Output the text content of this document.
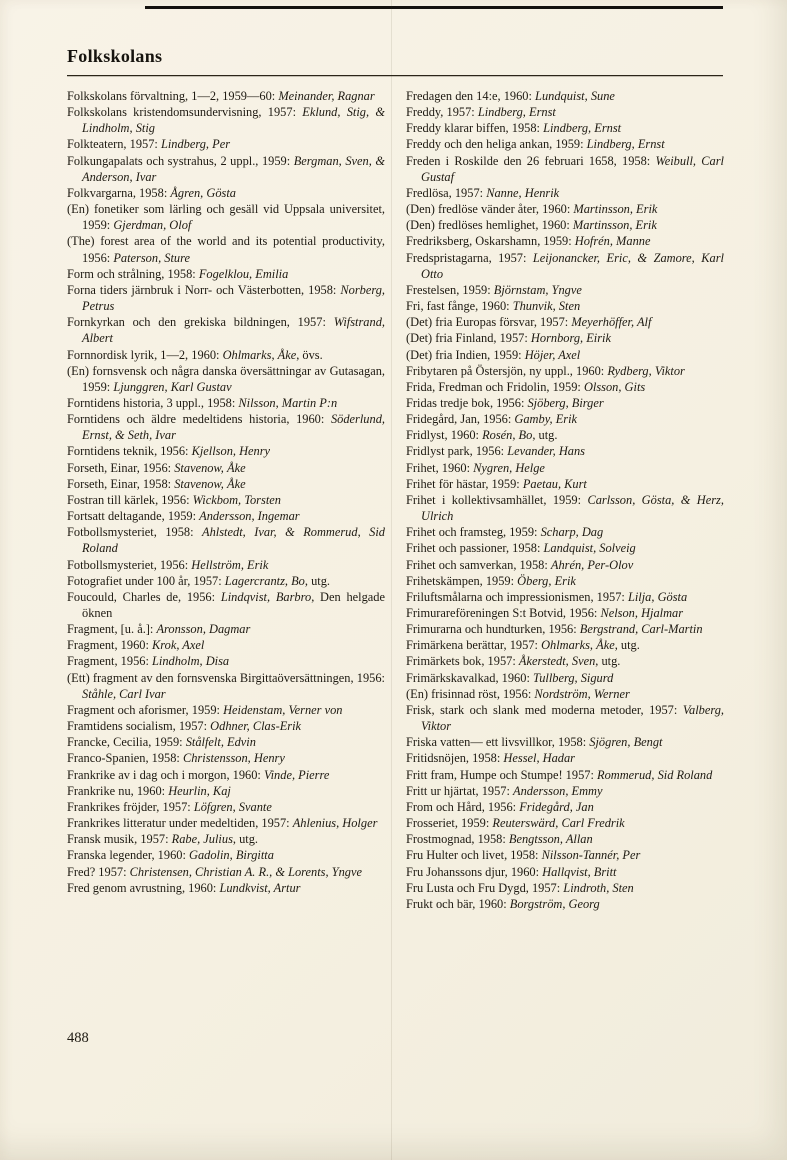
Folkskolans

Folkskolans förvaltning, 1—2, 1959—60: Meinander, Ragnar

Folkskolans kristendomsundervisning, 1957: Eklund, Stig, & Lindholm, Stig

Folkteatern, 1957: Lindberg, Per

Folkungapalats och systrahus, 2 uppl., 1959: Bergman, Sven, & Anderson, Ivar

Folkvargarna, 1958: Ågren, Gösta

(En) fonetiker som lärling och gesäll vid Uppsala universitet, 1959: Gjerdman, Olof

(The) forest area of the world and its potential productivity, 1956: Paterson, Sture

Form och strålning, 1958: Fogelklou, Emilia

Forna tiders järnbruk i Norr- och Västerbotten, 1958: Norberg, Petrus

Fornkyrkan och den grekiska bildningen, 1957: Wifstrand, Albert

Fornnordisk lyrik, 1—2, 1960: Ohlmarks, Åke, övs.

(En) fornsvensk och några danska översättningar av Gutasagan, 1959: Ljunggren, Karl Gustav

Forntidens historia, 3 uppl., 1958: Nilsson, Martin P:n

Forntidens och äldre medeltidens historia, 1960: Söderlund, Ernst, & Seth, Ivar

Forntidens teknik, 1956: Kjellson, Henry

Forseth, Einar, 1956: Stavenow, Åke

Forseth, Einar, 1958: Stavenow, Åke

Fostran till kärlek, 1956: Wickbom, Torsten

Fortsatt deltagande, 1959: Andersson, Ingemar

Fotbollsmysteriet, 1958: Ahlstedt, Ivar, & Rommerud, Sid Roland

Fotbollsmysteriet, 1956: Hellström, Erik

Fotografiet under 100 år, 1957: Lagercrantz, Bo, utg.

Foucould, Charles de, 1956: Lindqvist, Barbro, Den helgade öknen

Fragment, [u. å.]: Aronsson, Dagmar

Fragment, 1960: Krok, Axel

Fragment, 1956: Lindholm, Disa

(Ett) fragment av den fornsvenska Birgittaöversättningen, 1956: Ståhle, Carl Ivar

Fragment och aforismer, 1959: Heidenstam, Verner von

Framtidens socialism, 1957: Odhner, Clas-Erik

Francke, Cecilia, 1959: Stålfelt, Edvin

Franco-Spanien, 1958: Christensson, Henry

Frankrike av i dag och i morgon, 1960: Vinde, Pierre

Frankrike nu, 1960: Heurlin, Kaj

Frankrikes fröjder, 1957: Löfgren, Svante

Frankrikes litteratur under medeltiden, 1957: Ahlenius, Holger

Fransk musik, 1957: Rabe, Julius, utg.

Franska legender, 1960: Gadolin, Birgitta

Fred? 1957: Christensen, Christian A. R., & Lorents, Yngve

Fred genom avrustning, 1960: Lundkvist, Artur

Fredagen den 14:e, 1960: Lundquist, Sune

Freddy, 1957: Lindberg, Ernst

Freddy klarar biffen, 1958: Lindberg, Ernst

Freddy och den heliga ankan, 1959: Lindberg, Ernst

Freden i Roskilde den 26 februari 1658, 1958: Weibull, Carl Gustaf

Fredlösa, 1957: Nanne, Henrik

(Den) fredlöse vänder åter, 1960: Martinsson, Erik

(Den) fredlöses hemlighet, 1960: Martinsson, Erik

Fredriksberg, Oskarshamn, 1959: Hofrén, Manne

Fredspristagarna, 1957: Leijonancker, Eric, & Zamore, Karl Otto

Frestelsen, 1959: Björnstam, Yngve

Fri, fast fånge, 1960: Thunvik, Sten

(Det) fria Europas försvar, 1957: Meyerhöffer, Alf

(Det) fria Finland, 1957: Hornborg, Eirik

(Det) fria Indien, 1959: Höjer, Axel

Fribytaren på Östersjön, ny uppl., 1960: Rydberg, Viktor

Frida, Fredman och Fridolin, 1959: Olsson, Gits

Fridas tredje bok, 1956: Sjöberg, Birger

Fridegård, Jan, 1956: Gamby, Erik

Fridlyst, 1960: Rosén, Bo, utg.

Fridlyst park, 1956: Levander, Hans

Frihet, 1960: Nygren, Helge

Frihet för hästar, 1959: Paetau, Kurt

Frihet i kollektivsamhället, 1959: Carlsson, Gösta, & Herz, Ulrich

Frihet och framsteg, 1959: Scharp, Dag

Frihet och passioner, 1958: Landquist, Solveig

Frihet och samverkan, 1958: Ahrén, Per-Olov

Frihetskämpen, 1959: Öberg, Erik

Friluftsmålarna och impressionismen, 1957: Lilja, Gösta

Frimurareföreningen S:t Botvid, 1956: Nelson, Hjalmar

Frimurarna och hundturken, 1956: Bergstrand, Carl-Martin

Frimärkena berättar, 1957: Ohlmarks, Åke, utg.

Frimärkets bok, 1957: Åkerstedt, Sven, utg.

Frimärkskavalkad, 1960: Tullberg, Sigurd

(En) frisinnad röst, 1956: Nordström, Werner

Frisk, stark och slank med moderna metoder, 1957: Valberg, Viktor

Friska vatten— ett livsvillkor, 1958: Sjögren, Bengt

Fritidsnöjen, 1958: Hessel, Hadar

Fritt fram, Humpe och Stumpe! 1957: Rommerud, Sid Roland

Fritt ur hjärtat, 1957: Andersson, Emmy

From och Hård, 1956: Fridegård, Jan

Frosseriet, 1959: Reuterswärd, Carl Fredrik

Frostmognad, 1958: Bengtsson, Allan

Fru Hulter och livet, 1958: Nilsson-Tannér, Per

Fru Johanssons djur, 1960: Hallqvist, Britt

Fru Lusta och Fru Dygd, 1957: Lindroth, Sten

Frukt och bär, 1960: Borgström, Georg

488
